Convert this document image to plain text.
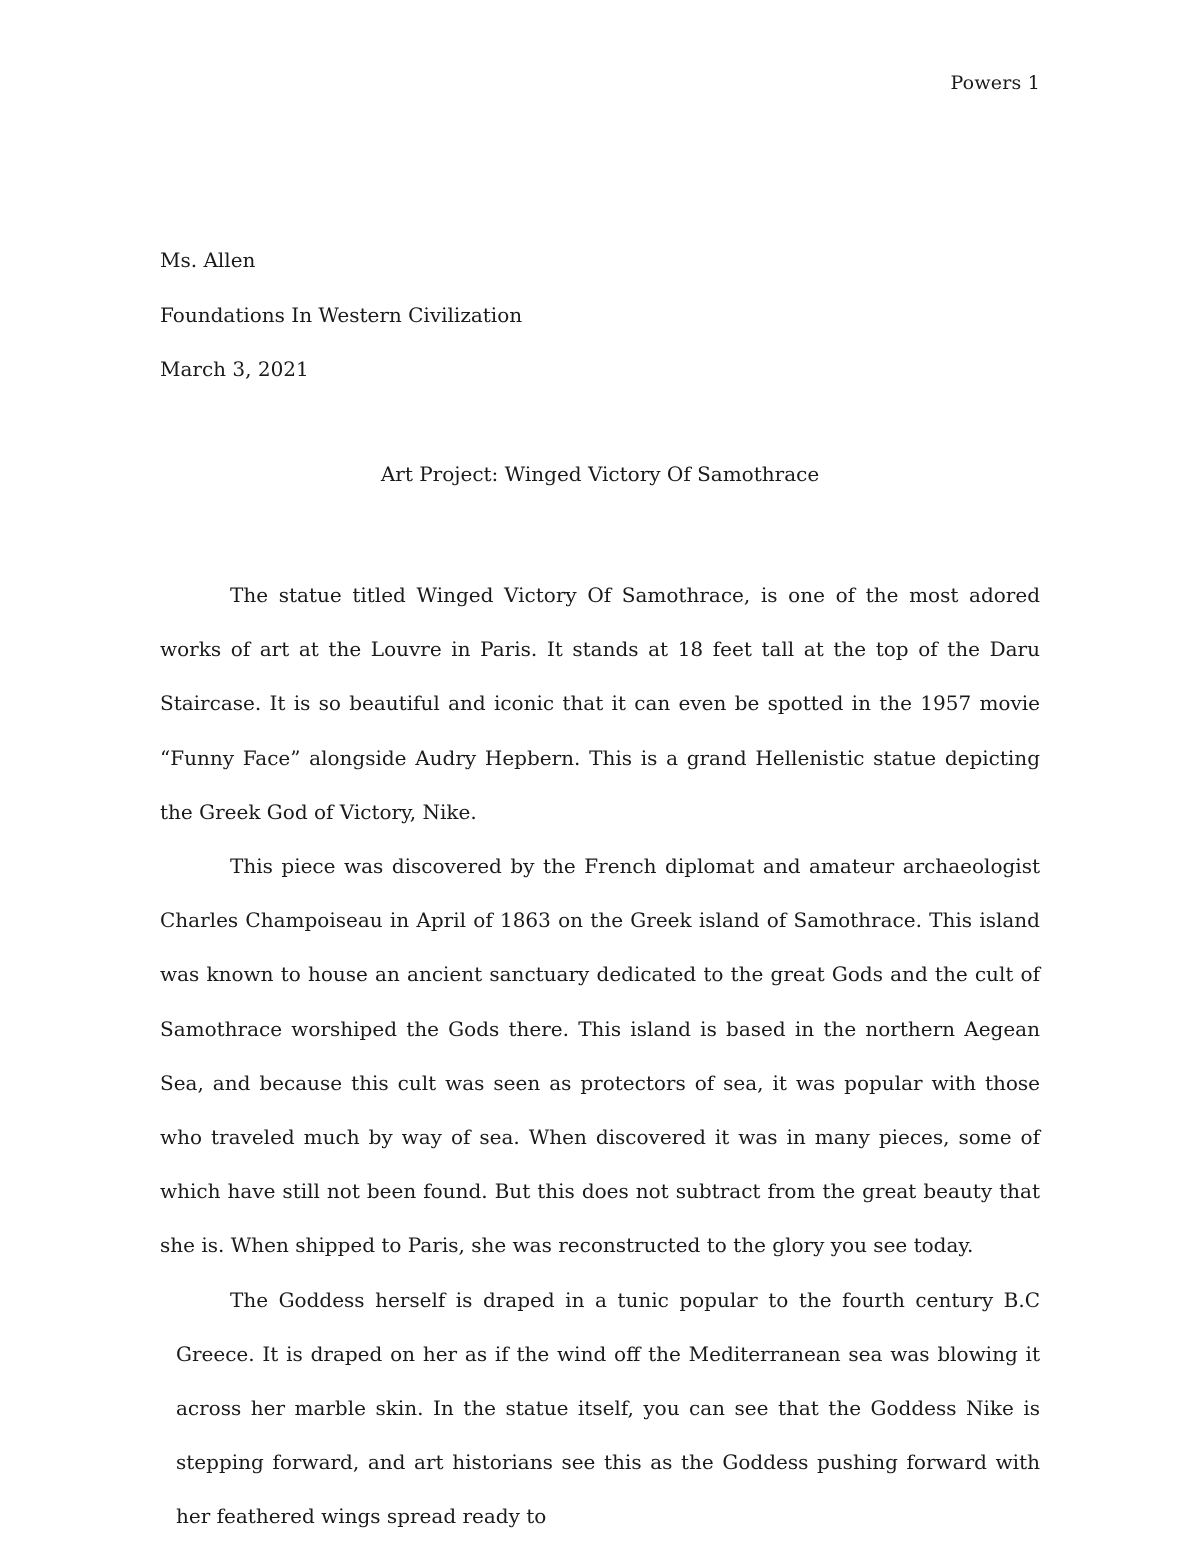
Powers 1
Ms. Allen
Foundations In Western Civilization
March 3, 2021
Art Project: Winged Victory Of Samothrace

The statue titled Winged Victory Of Samothrace, is one of the most adored works of art at the Louvre in Paris. It stands at 18 feet tall at the top of the Daru Staircase. It is so beautiful and iconic that it can even be spotted in the 1957 movie “Funny Face” alongside Audry Hepbern. This is a grand Hellenistic statue depicting the Greek God of Victory, Nike.

This piece was discovered by the French diplomat and amateur archaeologist Charles Champoiseau in April of 1863 on the Greek island of Samothrace. This island was known to house an ancient sanctuary dedicated to the great Gods and the cult of Samothrace worshiped the Gods there. This island is based in the northern Aegean Sea, and because this cult was seen as protectors of sea, it was popular with those who traveled much by way of sea. When discovered it was in many pieces, some of which have still not been found. But this does not subtract from the great beauty that she is. When shipped to Paris, she was reconstructed to the glory you see today.

The Goddess herself is draped in a tunic popular to the fourth century B.C Greece. It is draped on her as if the wind off the Mediterranean sea was blowing it across her marble skin. In the statue itself, you can see that the Goddess Nike is stepping forward, and art historians see this as the Goddess pushing forward with her feathered wings spread ready to
